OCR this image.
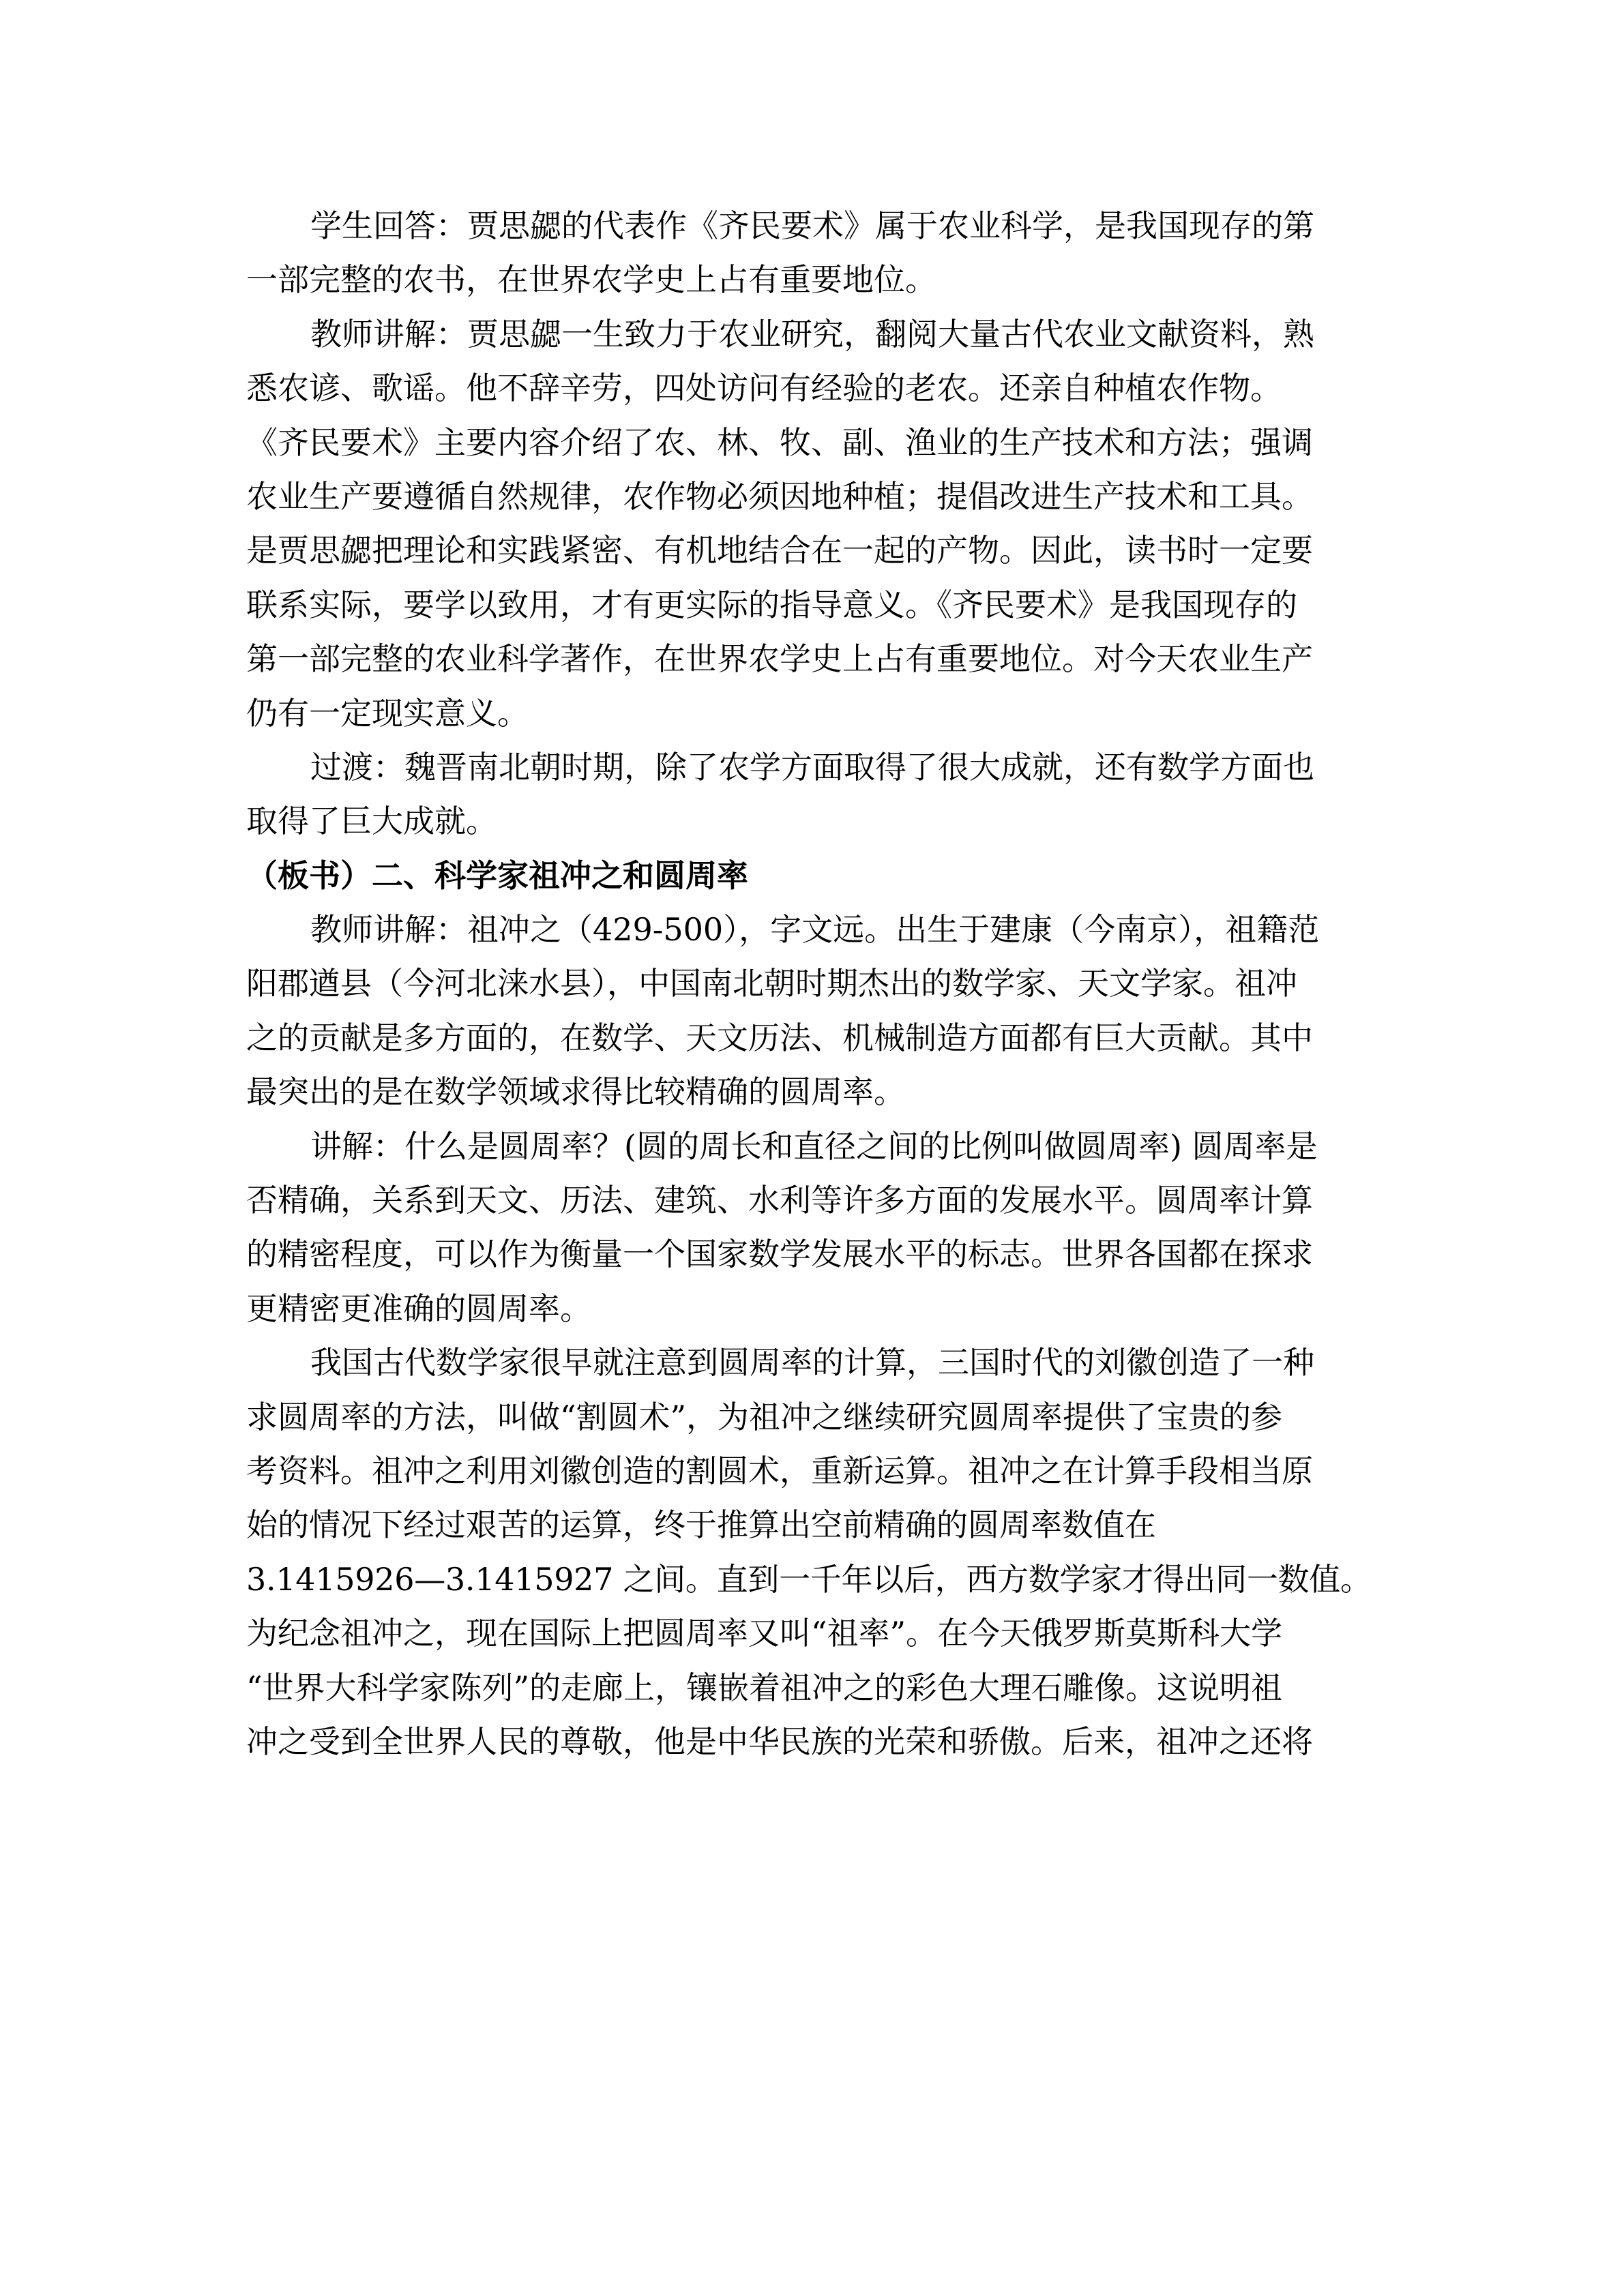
学生回答：贾思勰的代表作《齐民要术》属于农业科学，是我国现存的第
一部完整的农书，在世界农学史上占有重要地位。
教师讲解：贾思勰一生致力于农业研究，翻阅大量古代农业文献资料，熟
悉农谚、歌谣。他不辞辛劳，四处访问有经验的老农。还亲自种植农作物。
《齐民要术》主要内容介绍了农、林、牧、副、渔业的生产技术和方法；强调
农业生产要遵循自然规律，农作物必须因地种植；提倡改进生产技术和工具。
是贾思勰把理论和实践紧密、有机地结合在一起的产物。因此，读书时一定要
联系实际，要学以致用，才有更实际的指导意义。《齐民要术》是我国现存的
第一部完整的农业科学著作，在世界农学史上占有重要地位。对今天农业生产
仍有一定现实意义。
过渡：魏晋南北朝时期，除了农学方面取得了很大成就，还有数学方面也
取得了巨大成就。
（板书）二、科学家祖冲之和圆周率
教师讲解：祖冲之（429-500），字文远。出生于建康（今南京），祖籍范
阳郡遒县（今河北涞水县），中国南北朝时期杰出的数学家、天文学家。祖冲
之的贡献是多方面的，在数学、天文历法、机械制造方面都有巨大贡献。其中
最突出的是在数学领域求得比较精确的圆周率。
讲解：什么是圆周率？(圆的周长和直径之间的比例叫做圆周率) 圆周率是
否精确，关系到天文、历法、建筑、水利等许多方面的发展水平。圆周率计算
的精密程度，可以作为衡量一个国家数学发展水平的标志。世界各国都在探求
更精密更准确的圆周率。
我国古代数学家很早就注意到圆周率的计算，三国时代的刘徽创造了一种
求圆周率的方法，叫做“割圆术”，为祖冲之继续研究圆周率提供了宝贵的参
考资料。祖冲之利用刘徽创造的割圆术，重新运算。祖冲之在计算手段相当原
始的情况下经过艰苦的运算，终于推算出空前精确的圆周率数值在
3.1415926—3.1415927 之间。直到一千年以后，西方数学家才得出同一数值。
为纪念祖冲之，现在国际上把圆周率又叫“祖率”。在今天俄罗斯莫斯科大学
“世界大科学家陈列”的走廊上，镶嵌着祖冲之的彩色大理石雕像。这说明祖
冲之受到全世界人民的尊敬，他是中华民族的光荣和骄傲。后来，祖冲之还将
